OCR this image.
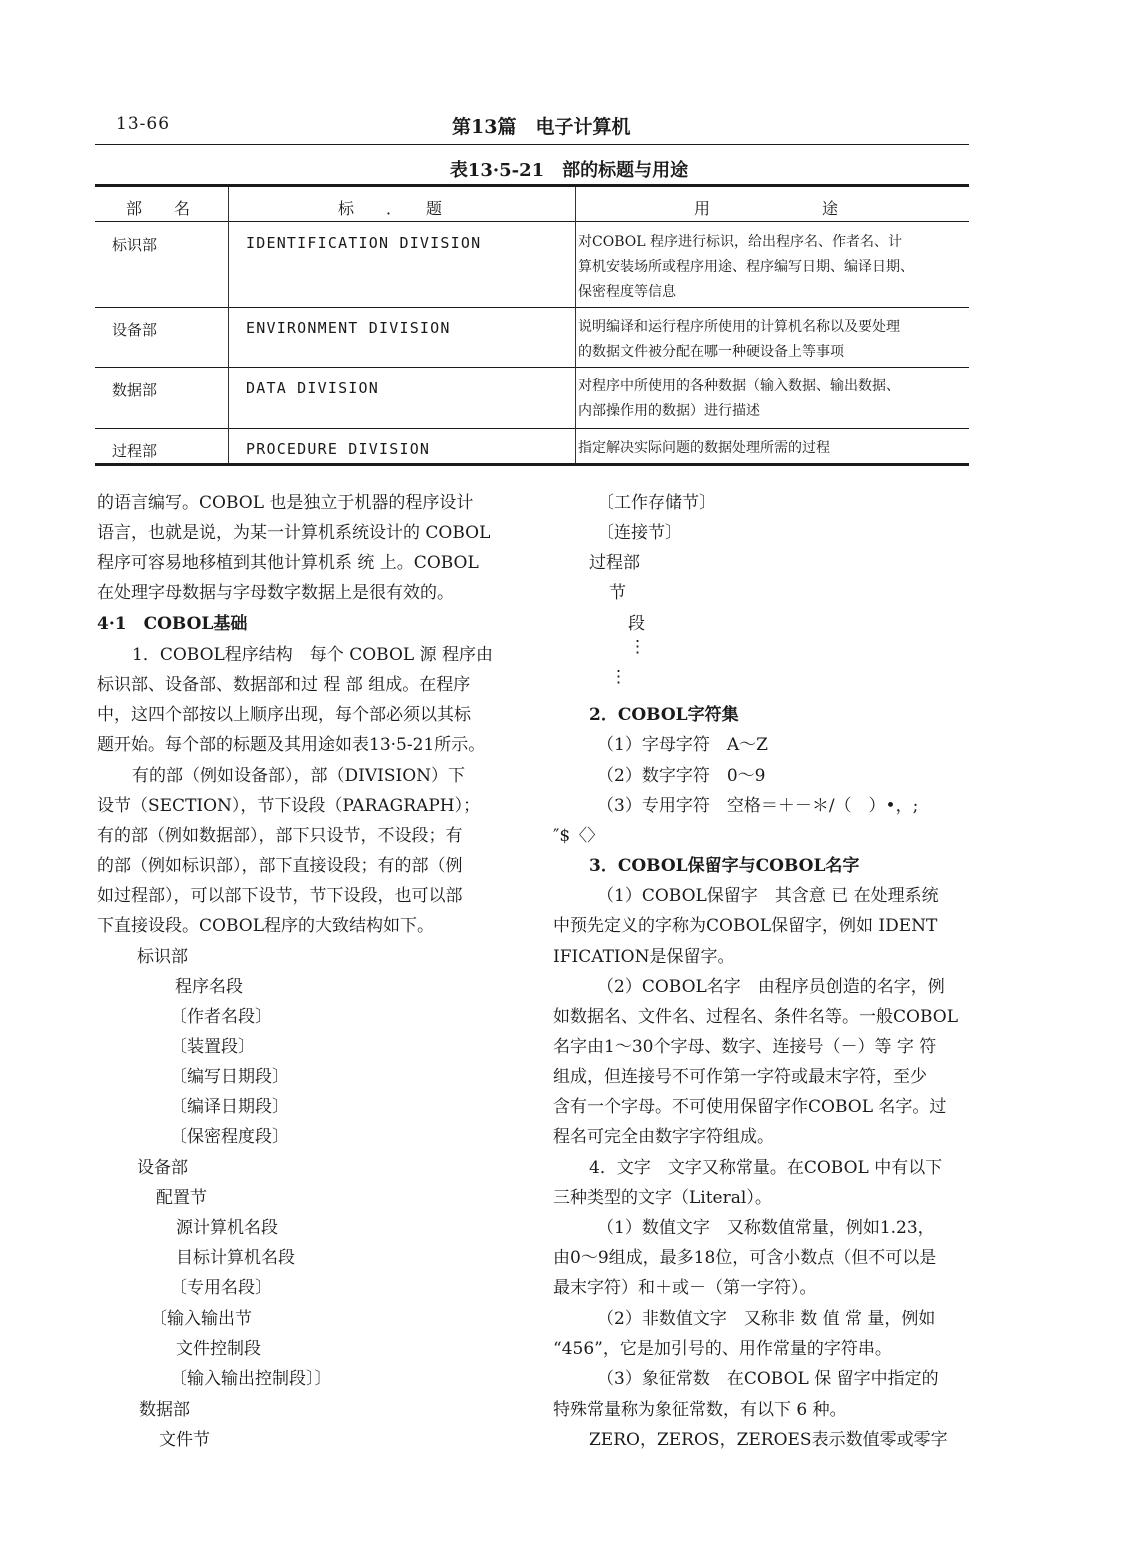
13-66	第13篇　电子计算机
表13·5-21　部的标题与用途
部　　名	标　　．　　题	用　　　　　　　途
标识部	IDENTIFICATION DIVISION	对COBOL 程序进行标识，给出程序名、作者名、计
算机安装场所或程序用途、程序编写日期、编译日期、
保密程度等信息
设备部	ENVIRONMENT DIVISION	说明编译和运行程序所使用的计算机名称以及要处理
的数据文件被分配在哪一种硬设备上等事项
数据部	DATA DIVISION	对程序中所使用的各种数据（输入数据、输出数据、
内部操作用的数据）进行描述
过程部	PROCEDURE DIVISION	指定解决实际问题的数据处理所需的过程
的语言编写。COBOL 也是独立于机器的程序设计
语言，也就是说，为某一计算机系统设计的 COBOL
程序可容易地移植到其他计算机系 统 上。COBOL
在处理字母数据与字母数字数据上是很有效的。
4·1　COBOL基础
1．COBOL程序结构　每个 COBOL 源 程序由
标识部、设备部、数据部和过 程 部 组成。在程序
中，这四个部按以上顺序出现，每个部必须以其标
题开始。每个部的标题及其用途如表13·5-21所示。
有的部（例如设备部），部（DIVISION）下
设节（SECTION），节下设段（PARAGRAPH）；
有的部（例如数据部），部下只设节，不设段；有
的部（例如标识部），部下直接设段；有的部（例
如过程部），可以部下设节，节下设段，也可以部
下直接设段。COBOL程序的大致结构如下。
标识部
程序名段
〔作者名段〕
〔装置段〕
〔编写日期段〕
〔编译日期段〕
〔保密程度段〕
设备部
配置节
源计算机名段
目标计算机名段
〔专用名段〕
〔输入输出节
文件控制段
〔输入输出控制段〕〕
数据部
文件节
〔工作存储节〕
〔连接节〕
过程部
节
段
⋮
⋮
2．COBOL字符集
（1）字母字符　A～Z
（2）数字字符　0～9
（3）专用字符　空格＝＋－＊/（　）•，;
″$〈〉
3．COBOL保留字与COBOL名字
（1）COBOL保留字　其含意 已 在处理系统
中预先定义的字称为COBOL保留字，例如 IDENT
IFICATION是保留字。
（2）COBOL名字　由程序员创造的名字，例
如数据名、文件名、过程名、条件名等。一般COBOL
名字由1～30个字母、数字、连接号（－）等 字 符
组成，但连接号不可作第一字符或最末字符，至少
含有一个字母。不可使用保留字作COBOL 名字。过
程名可完全由数字字符组成。
4．文字　文字又称常量。在COBOL 中有以下
三种类型的文字（Literal）。
（1）数值文字　又称数值常量，例如1.23，
由0～9组成，最多18位，可含小数点（但不可以是
最末字符）和＋或－（第一字符）。
（2）非数值文字　又称非 数 值 常 量，例如
“456”，它是加引号的、用作常量的字符串。
（3）象征常数　在COBOL 保 留字中指定的
特殊常量称为象征常数，有以下 6 种。
ZERO，ZEROS，ZEROES表示数值零或零字
